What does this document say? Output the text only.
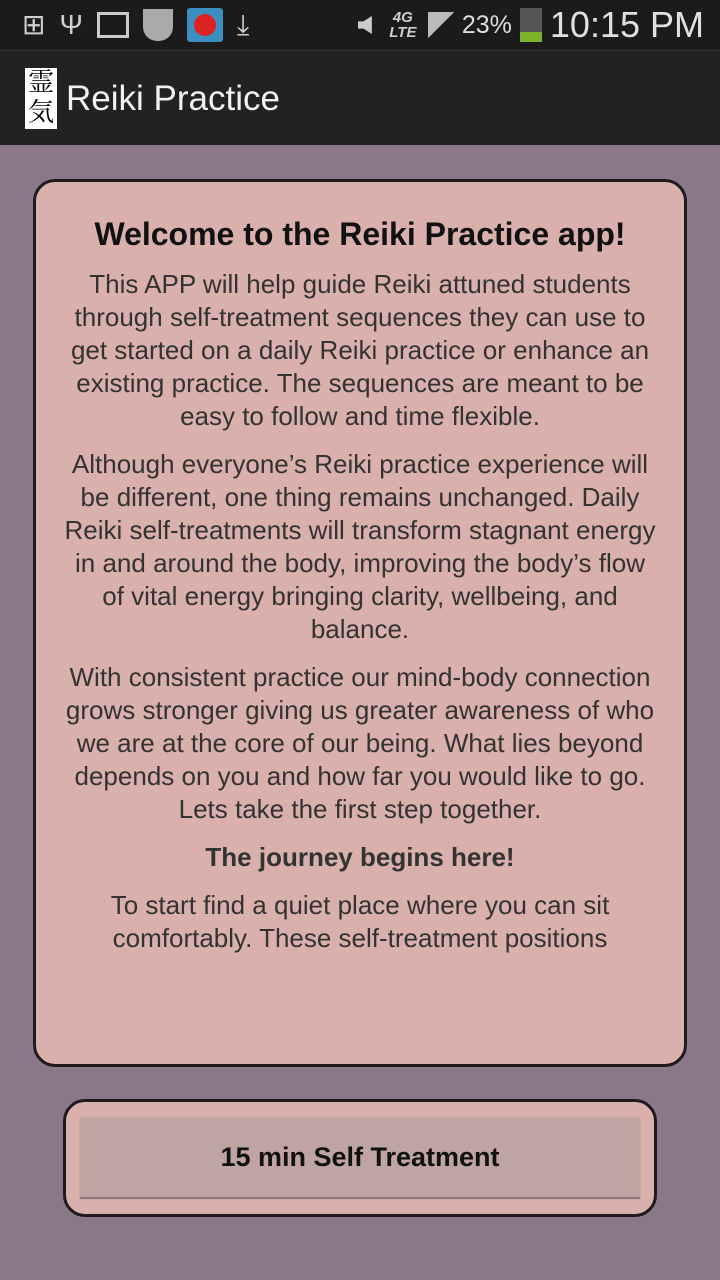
⊞ Ψ	⤓	4G LTE 23% 10:15 PM
霊気 Reiki Practice
Welcome to the Reiki Practice app!

This APP will help guide Reiki attuned students through self-treatment sequences they can use to get started on a daily Reiki practice or enhance an existing practice. The sequences are meant to be easy to follow and time flexible.

Although everyone’s Reiki practice experience will be different, one thing remains unchanged. Daily Reiki self-treatments will transform stagnant energy in and around the body, improving the body’s flow of vital energy bringing clarity, wellbeing, and balance.

With consistent practice our mind-body connection grows stronger giving us greater awareness of who we are at the core of our being. What lies beyond depends on you and how far you would like to go. Lets take the first step together.

The journey begins here!

To start find a quiet place where you can sit comfortably. These self-treatment positions

15 min Self Treatment
